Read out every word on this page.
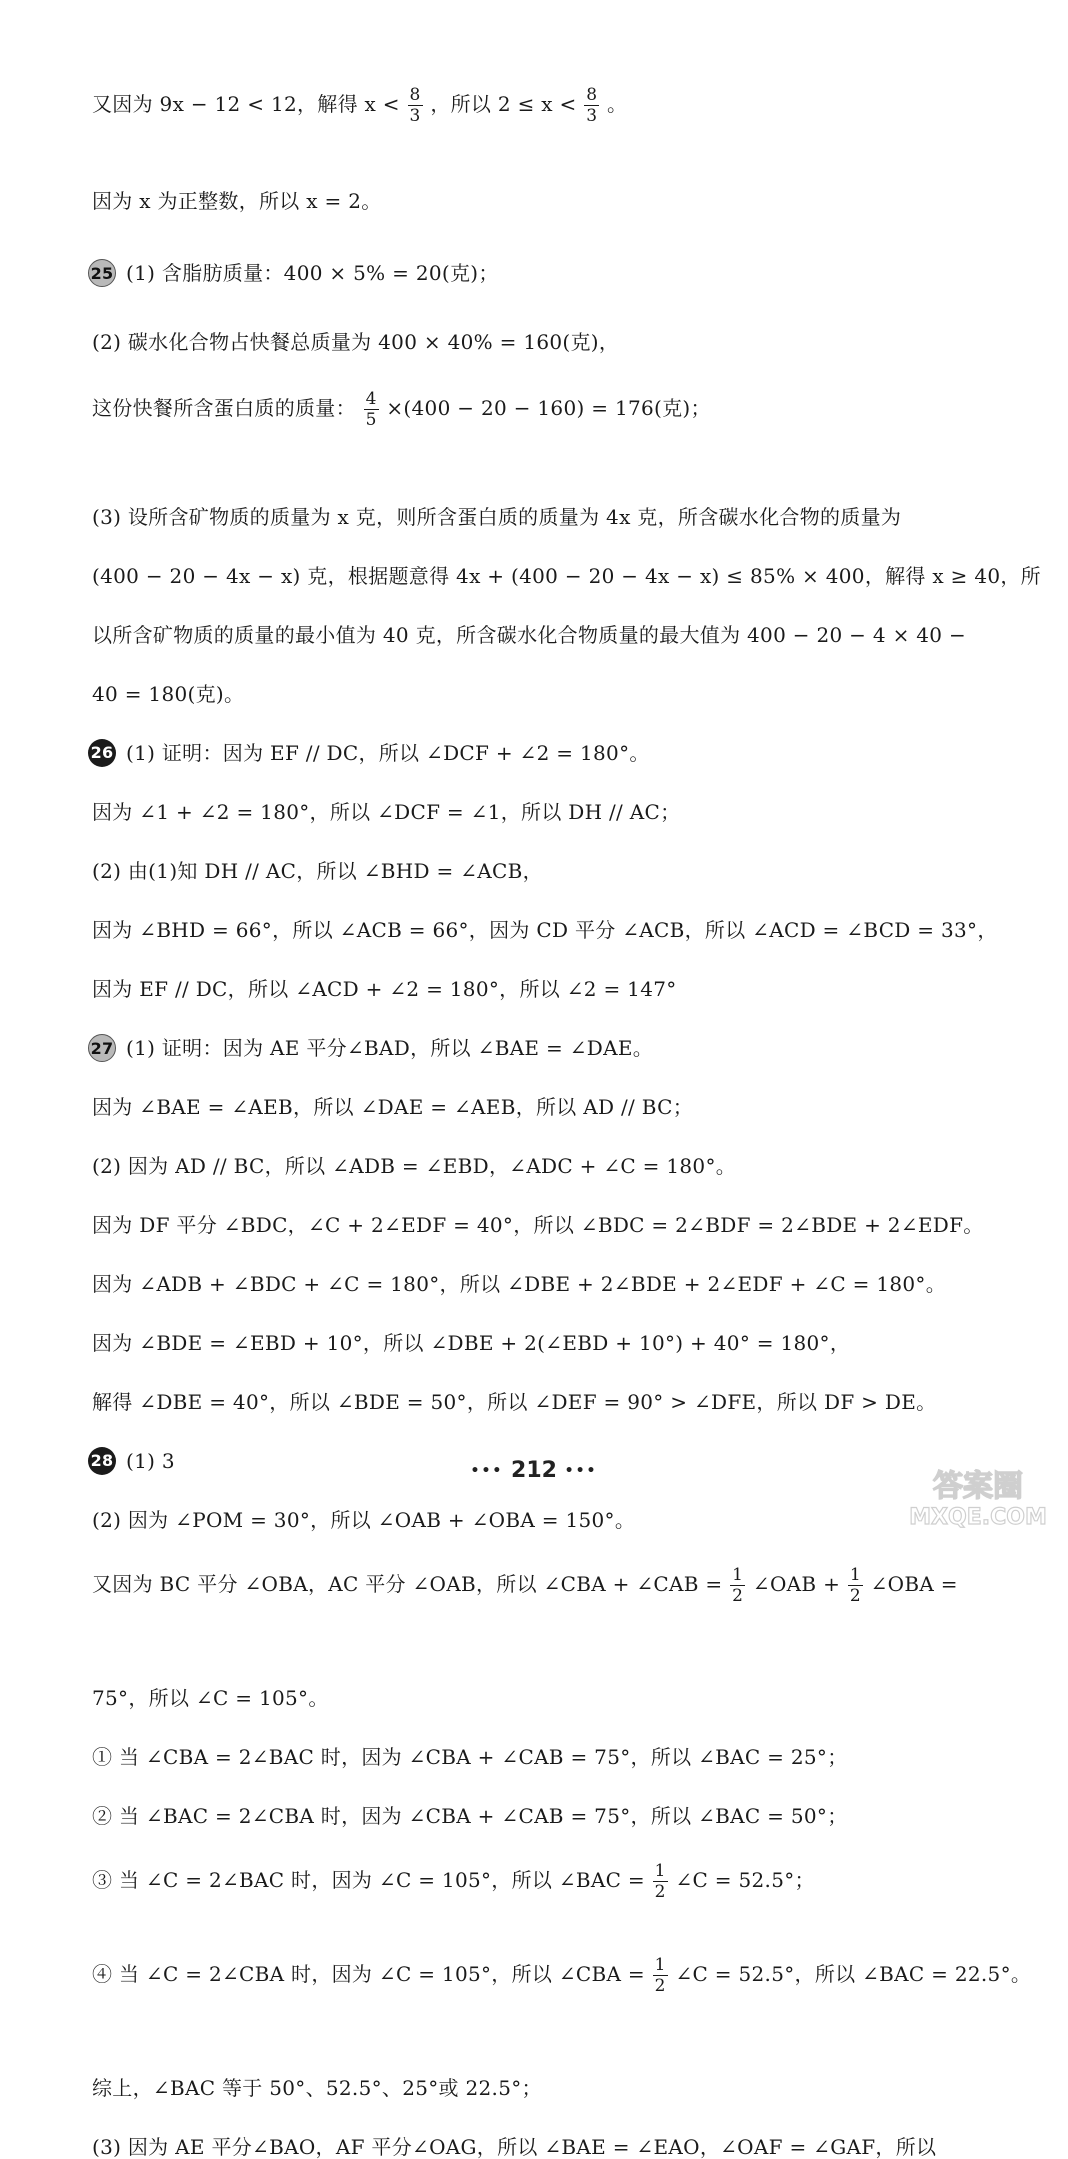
又因为 9x − 12 < 12，解得 $x < \frac{8}{3}$ ，所以 $2 \le x < \frac{8}{3}$ 。
因为 x 为正整数，所以 x = 2。
25 (1) 含脂肪质量：400 × 5% = 20(克)；
(2) 碳水化合物占快餐总质量为 400 × 40% = 160(克)，
这份快餐所含蛋白质的质量： $\frac{4}{5} \times(400 - 20 - 160) = 176$(克)；
(3) 设所含矿物质的质量为 x 克，则所含蛋白质的质量为 4x 克，所含碳水化合物的质量为
(400 − 20 − 4x − x) 克，根据题意得 4x + (400 − 20 − 4x − x) ≤ 85% × 400，解得 x ≥ 40，所
以所含矿物质的质量的最小值为 40 克，所含碳水化合物质量的最大值为 400 − 20 − 4 × 40 −
40 = 180(克)。
26 (1) 证明：因为 EF // DC，所以 ∠DCF + ∠2 = 180°。
因为 ∠1 + ∠2 = 180°，所以 ∠DCF = ∠1，所以 DH // AC；
(2) 由(1)知 DH // AC，所以 ∠BHD = ∠ACB，
因为 ∠BHD = 66°，所以 ∠ACB = 66°，因为 CD 平分 ∠ACB，所以 ∠ACD = ∠BCD = 33°，
因为 EF // DC，所以 ∠ACD + ∠2 = 180°，所以 ∠2 = 147°
27 (1) 证明：因为 AE 平分∠BAD，所以 ∠BAE = ∠DAE。
因为 ∠BAE = ∠AEB，所以 ∠DAE = ∠AEB，所以 AD // BC；
(2) 因为 AD // BC，所以 ∠ADB = ∠EBD，∠ADC + ∠C = 180°。
因为 DF 平分 ∠BDC，∠C + 2∠EDF = 40°，所以 ∠BDC = 2∠BDF = 2∠BDE + 2∠EDF。
因为 ∠ADB + ∠BDC + ∠C = 180°，所以 ∠DBE + 2∠BDE + 2∠EDF + ∠C = 180°。
因为 ∠BDE = ∠EBD + 10°，所以 ∠DBE + 2(∠EBD + 10°) + 40° = 180°，
解得 ∠DBE = 40°，所以 ∠BDE = 50°，所以 ∠DEF = 90° > ∠DFE，所以 DF > DE。
28 (1) 3
(2) 因为 ∠POM = 30°，所以 ∠OAB + ∠OBA = 150°。
又因为 BC 平分 ∠OBA，AC 平分 ∠OAB，所以 ∠CBA + ∠CAB = $\frac{1}{2}$ ∠OAB + $\frac{1}{2}$ ∠OBA =
75°，所以 ∠C = 105°。
① 当 ∠CBA = 2∠BAC 时，因为 ∠CBA + ∠CAB = 75°，所以 ∠BAC = 25°；
② 当 ∠BAC = 2∠CBA 时，因为 ∠CBA + ∠CAB = 75°，所以 ∠BAC = 50°；
③ 当 ∠C = 2∠BAC 时，因为 ∠C = 105°，所以 ∠BAC = $\frac{1}{2}$ ∠C = 52.5°；
④ 当 ∠C = 2∠CBA 时，因为 ∠C = 105°，所以 ∠CBA = $\frac{1}{2}$ ∠C = 52.5°，所以 ∠BAC = 22.5°。
综上，∠BAC 等于 50°、52.5°、25°或 22.5°；
(3) 因为 AE 平分∠BAO，AF 平分∠OAG，所以 ∠BAE = ∠EAO，∠OAF = ∠GAF，所以
••• 212 •••	答案圈
MXQE.COM
